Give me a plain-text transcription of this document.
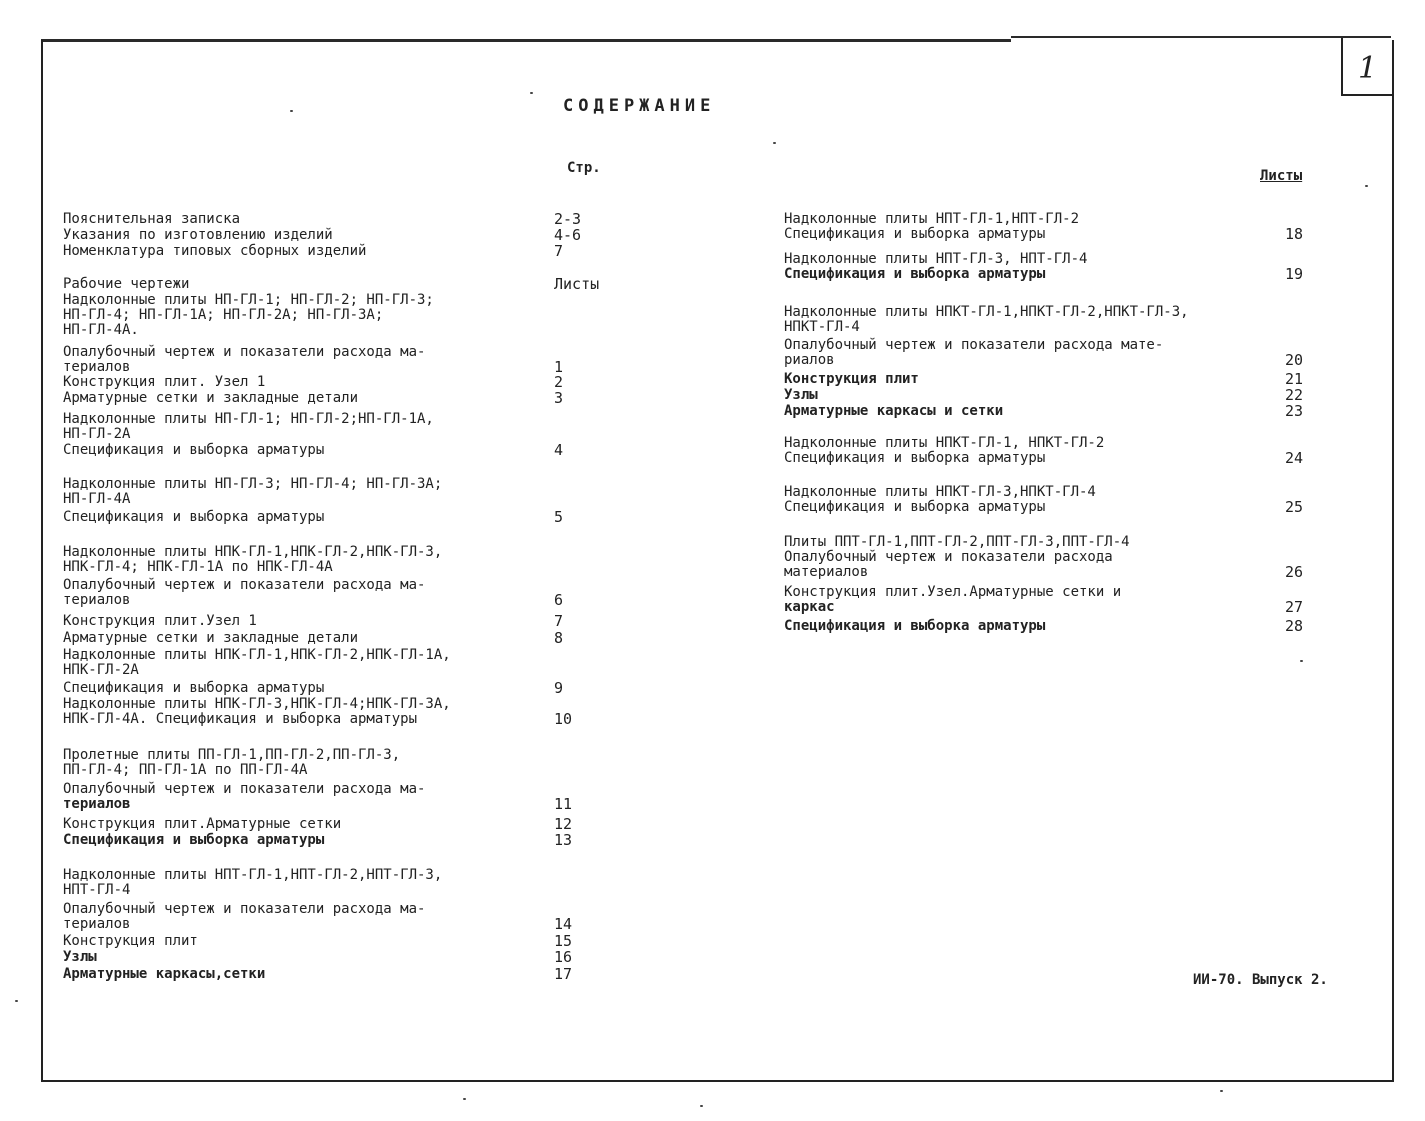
1
СОДЕРЖАНИЕ
Стр.	Листы
Пояснительная записка	2-3
Указания по изготовлению изделий	4-6
Номенклатура типовых сборных изделий	7
Рабочие чертежи	Листы
Надколонные плиты НП-ГЛ-1; НП-ГЛ-2; НП-ГЛ-3;
НП-ГЛ-4; НП-ГЛ-1А; НП-ГЛ-2А; НП-ГЛ-3А;
НП-ГЛ-4А.
Опалубочный чертеж и показатели расхода ма-
териалов	1
Конструкция плит. Узел 1	2
Арматурные сетки и закладные детали	3
Надколонные плиты НП-ГЛ-1; НП-ГЛ-2;НП-ГЛ-1А,
НП-ГЛ-2А
Спецификация и выборка арматуры	4
Надколонные плиты НП-ГЛ-3; НП-ГЛ-4; НП-ГЛ-3А;
НП-ГЛ-4А
Спецификация и выборка арматуры	5
Надколонные плиты НПК-ГЛ-1,НПК-ГЛ-2,НПК-ГЛ-3,
НПК-ГЛ-4; НПК-ГЛ-1А по НПК-ГЛ-4А
Опалубочный чертеж и показатели расхода ма-
териалов	6
Конструкция плит.Узел 1	7
Арматурные сетки и закладные детали	8
Надколонные плиты НПК-ГЛ-1,НПК-ГЛ-2,НПК-ГЛ-1А,
НПК-ГЛ-2А
Спецификация и выборка арматуры	9
Надколонные плиты НПК-ГЛ-3,НПК-ГЛ-4;НПК-ГЛ-3А,
НПК-ГЛ-4А. Спецификация и выборка арматуры	10
Пролетные плиты ПП-ГЛ-1,ПП-ГЛ-2,ПП-ГЛ-3,
ПП-ГЛ-4; ПП-ГЛ-1А по ПП-ГЛ-4А
Опалубочный чертеж и показатели расхода ма-
териалов	11
Конструкция плит.Арматурные сетки	12
Спецификация и выборка арматуры	13
Надколонные плиты НПТ-ГЛ-1,НПТ-ГЛ-2,НПТ-ГЛ-3,
НПТ-ГЛ-4
Опалубочный чертеж и показатели расхода ма-
териалов	14
Конструкция плит	15
Узлы	16
Арматурные каркасы,сетки	17
Надколонные плиты НПТ-ГЛ-1,НПТ-ГЛ-2
Спецификация и выборка арматуры	18
Надколонные плиты НПТ-ГЛ-3, НПТ-ГЛ-4
Спецификация и выборка арматуры	19
Надколонные плиты НПКТ-ГЛ-1,НПКТ-ГЛ-2,НПКТ-ГЛ-3,
НПКТ-ГЛ-4
Опалубочный чертеж и показатели расхода мате-
риалов	20
Конструкция плит	21
Узлы	22
Арматурные каркасы и сетки	23
Надколонные плиты НПКТ-ГЛ-1, НПКТ-ГЛ-2
Спецификация и выборка арматуры	24
Надколонные плиты НПКТ-ГЛ-3,НПКТ-ГЛ-4
Спецификация и выборка арматуры	25
Плиты ППТ-ГЛ-1,ППТ-ГЛ-2,ППТ-ГЛ-3,ППТ-ГЛ-4
Опалубочный чертеж и показатели расхода
материалов	26
Конструкция плит.Узел.Арматурные сетки и
каркас	27
Спецификация и выборка арматуры	28
ИИ-70. Выпуск 2.
